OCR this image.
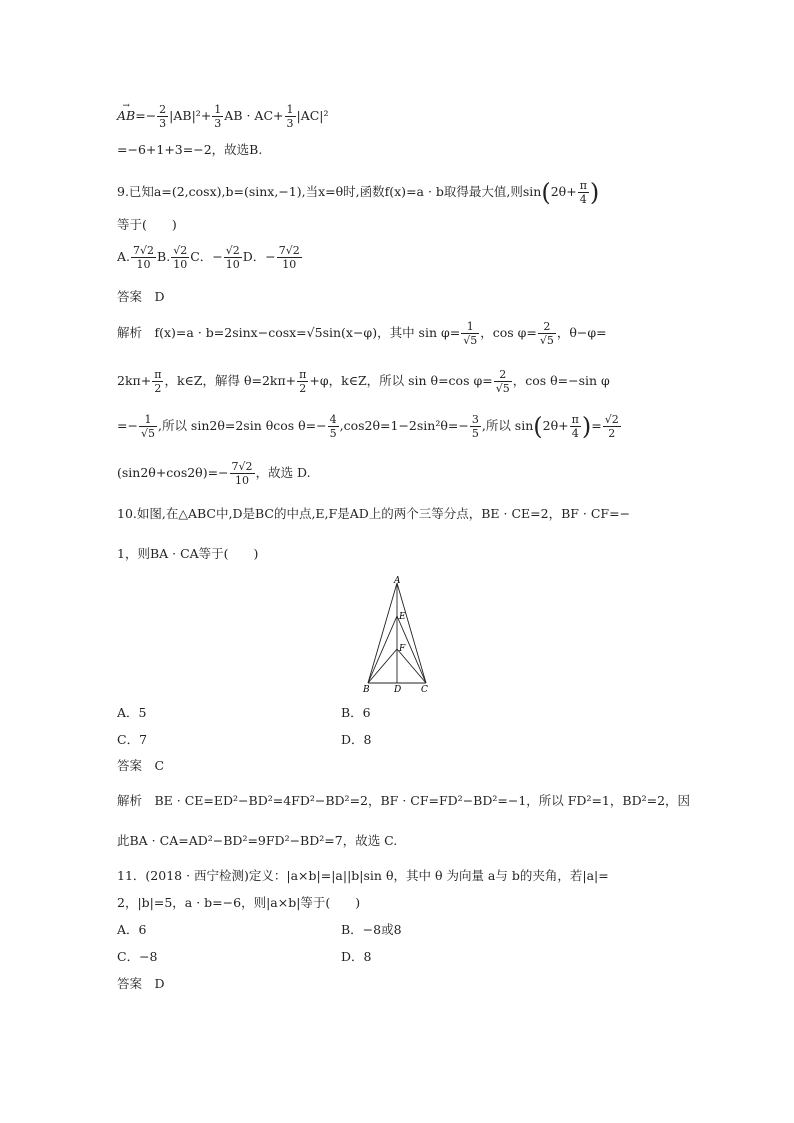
→ $AB=- \frac{2}{3} |AB|^2+ \frac{1}{3}$ AB · $AC+ \frac{1}{3} |AC|^2$
=−6+1+3=−2，故选B.
9.已知a=(2,cosx),b=(sinx,−1),当x=θ时,函数f(x)=a · b取得最大值,则$\sin(2\theta+ \frac{\pi}{4}$ )
等于(　　)
A. $\frac{7√2}{10} B$. $\frac{√2}{10}$ C．− $\frac{√2}{10}$ D．− $\frac{7√2}{10}$
答案　D
解析　f(x)=a · b=2sinx−cosx=√5sin(x−φ)，其中 $\sin \varphi= \frac{1}{√5}$ ，$\cos \varphi= \frac{2}{√5}$ ，θ−φ=
$2k\pi+ \frac{\pi}{2}$ ，k∈Z，解得 $\theta=2k\pi+ \frac{\pi}{2} +\varphi$，k∈Z，所以 sin θ=cos $\varphi= \frac{2}{√5}$ ，cos θ=−sin φ
=− $\frac{1}{√5}$ ,所以 sin2θ=2sin θcos $\theta=- \frac{4}{5} ,\cos 2\theta=1-2\sin^2\theta=- \frac{3}{5}$ ,所以 $\sin(2\theta+ \frac{\pi}{4}$ )= $\frac{√2}{2}$
$(\sin 2\theta+\cos 2\theta)=- \frac{7√2}{10}$ ，故选 D.
10.如图,在△ABC中,D是BC的中点,E,F是AD上的两个三等分点，BE · CE=2，BF · CF=−
1，则BA · CA等于(　　)
A
E
F
B	D C
A．5	B．6
C．7	D．8
答案　C
解析　BE · CE=ED²−BD²=4FD²−BD²=2，BF · CF=FD²−BD²=−1，所以 FD²=1，BD²=2，因
此BA · CA=AD²−BD²=9FD²−BD²=7，故选 C.
11．(2018 · 西宁检测)定义：|a×b|=|a||b|sin θ，其中 θ 为向量 a与 b的夹角，若|a|=
2，|b|=5，a · b=−6，则|a×b|等于(　　)
A．6	B．−8或8
C．−8	D．8
答案　D
